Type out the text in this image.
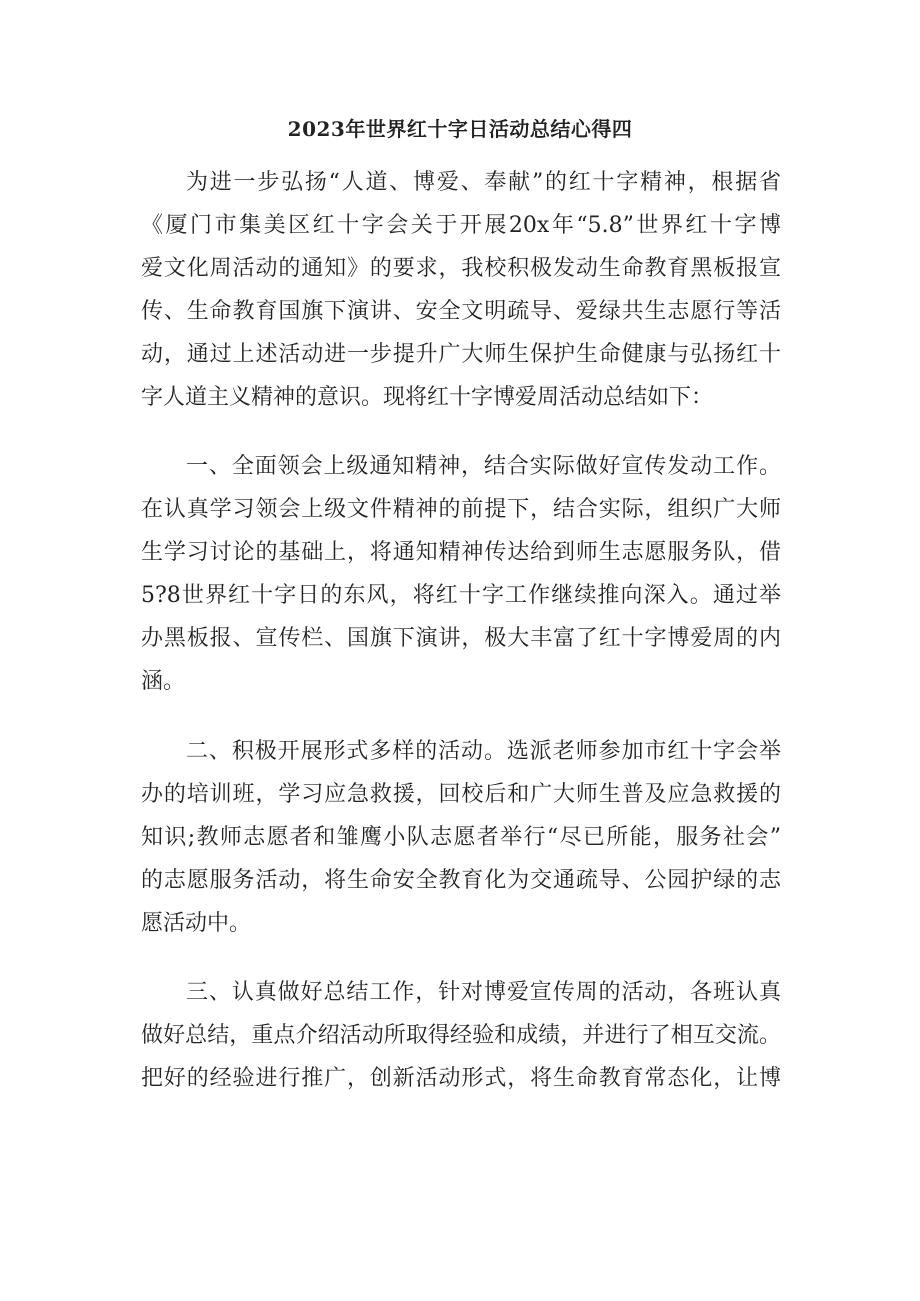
2023年世界红十字日活动总结心得四

为进一步弘扬“人道、博爱、奉献”的红十字精神，根据省

《厦门市集美区红十字会关于开展20x年“5.8”世界红十字博

爱文化周活动的通知》的要求，我校积极发动生命教育黑板报宣

传、生命教育国旗下演讲、安全文明疏导、爱绿共生志愿行等活

动，通过上述活动进一步提升广大师生保护生命健康与弘扬红十

字人道主义精神的意识。现将红十字博爱周活动总结如下：

一、全面领会上级通知精神，结合实际做好宣传发动工作。

在认真学习领会上级文件精神的前提下，结合实际，组织广大师

生学习讨论的基础上，将通知精神传达给到师生志愿服务队，借

5?8世界红十字日的东风，将红十字工作继续推向深入。通过举

办黑板报、宣传栏、国旗下演讲，极大丰富了红十字博爱周的内

涵。

二、积极开展形式多样的活动。选派老师参加市红十字会举

办的培训班，学习应急救援，回校后和广大师生普及应急救援的

知识;教师志愿者和雏鹰小队志愿者举行“尽已所能，服务社会”

的志愿服务活动，将生命安全教育化为交通疏导、公园护绿的志

愿活动中。

三、认真做好总结工作，针对博爱宣传周的活动，各班认真

做好总结，重点介绍活动所取得经验和成绩，并进行了相互交流。

把好的经验进行推广，创新活动形式，将生命教育常态化，让博
